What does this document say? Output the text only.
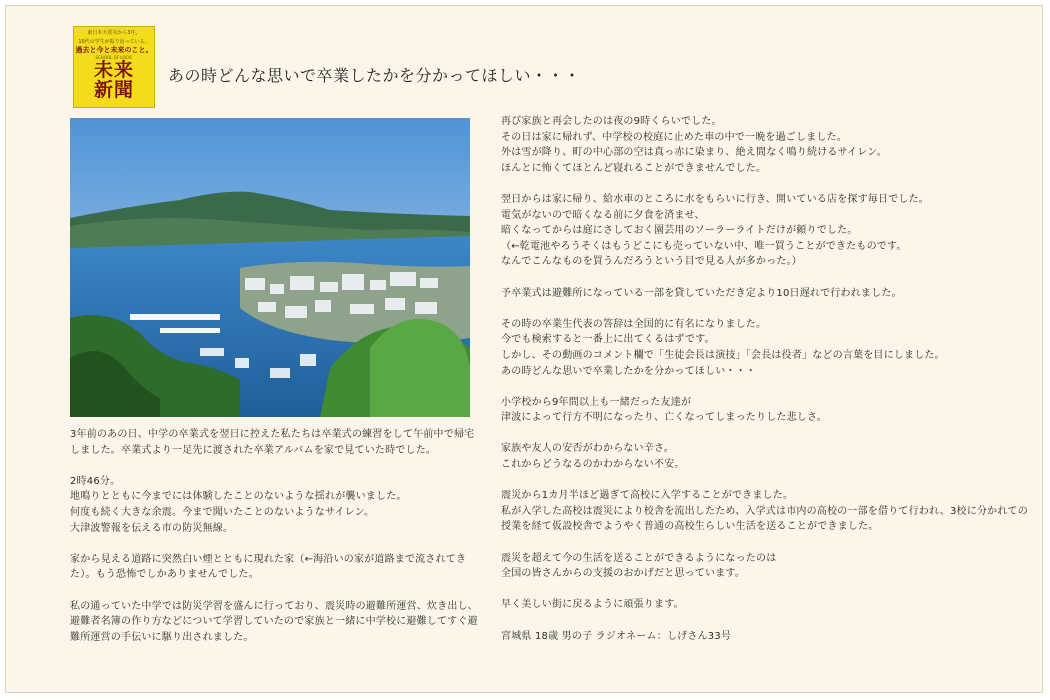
東日本大震災から3年。
10代の学生が振り返っている。
過去と今と未来のこと。
SCHOOL OF LOCK!
未来
新聞
あの時どんな思いで卒業したかを分かってほしい・・・
3年前のあの日、中学の卒業式を翌日に控えた私たちは卒業式の練習をして午前中で帰宅しました。卒業式より一足先に渡された卒業アルバムを家で見ていた時でした。
2時46分。
地鳴りとともに今までには体験したことのないような揺れが襲いました。
何度も続く大きな余震。今まで聞いたことのないようなサイレン。
大津波警報を伝える市の防災無線。
家から見える道路に突然白い煙とともに現れた家（←海沿いの家が道路まで流されてきた）。もう恐怖でしかありませんでした。
私の通っていた中学では防災学習を盛んに行っており、震災時の避難所運営、炊き出し、避難者名簿の作り方などについて学習していたので家族と一緒に中学校に避難してすぐ避難所運営の手伝いに駆り出されました。
再び家族と再会したのは夜の9時くらいでした。
その日は家に帰れず、中学校の校庭に止めた車の中で一晩を過ごしました。
外は雪が降り、町の中心部の空は真っ赤に染まり、絶え間なく鳴り続けるサイレン。
ほんとに怖くてほとんど寝れることができませんでした。
翌日からは家に帰り、給水車のところに水をもらいに行き、開いている店を探す毎日でした。
電気がないので暗くなる前に夕食を済ませ、
暗くなってからは庭にさしておく園芸用のソーラーライトだけが頼りでした。
（←乾電池やろうそくはもうどこにも売っていない中、唯一買うことができたものです。
なんでこんなものを買うんだろうという目で見る人が多かった。）
予卒業式は避難所になっている一部を貸していただき定より10日遅れで行われました。
その時の卒業生代表の答辞は全国的に有名になりました。
今でも検索すると一番上に出てくるはずです。
しかし、その動画のコメント欄で「生徒会長は演技」「会長は役者」などの言葉を目にしました。
あの時どんな思いで卒業したかを分かってほしい・・・
小学校から9年間以上も一緒だった友達が
津波によって行方不明になったり、亡くなってしまったりした悲しさ。
家族や友人の安否がわからない辛さ。
これからどうなるのかわからない不安。
震災から1カ月半ほど過ぎて高校に入学することができました。
私が入学した高校は震災により校舎を流出したため、入学式は市内の高校の一部を借りて行われ、3校に分かれての授業を経て仮設校舎でようやく普通の高校生らしい生活を送ることができました。
震災を超えて今の生活を送ることができるようになったのは
全国の皆さんからの支援のおかげだと思っています。
早く美しい街に戻るように頑張ります。
宮城県 18歳 男の子 ラジオネーム：しげさん33号
